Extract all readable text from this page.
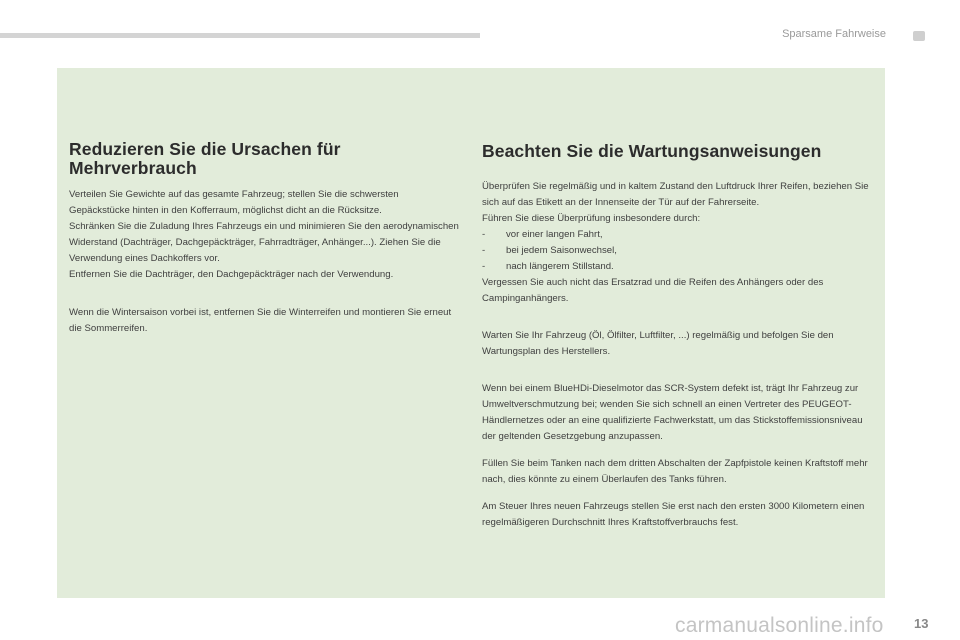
Sparsame Fahrweise
Reduzieren Sie die Ursachen für Mehrverbrauch

Verteilen Sie Gewichte auf das gesamte Fahrzeug; stellen Sie die schwersten Gepäckstücke hinten in den Kofferraum, möglichst dicht an die Rücksitze.

Schränken Sie die Zuladung Ihres Fahrzeugs ein und minimieren Sie den aerodynamischen Widerstand (Dachträger, Dachgepäckträger, Fahrradträger, Anhänger...). Ziehen Sie die Verwendung eines Dachkoffers vor.

Entfernen Sie die Dachträger, den Dachgepäckträger nach der Verwendung.

Wenn die Wintersaison vorbei ist, entfernen Sie die Winterreifen und montieren Sie erneut die Sommerreifen.

Beachten Sie die Wartungsanweisungen

Überprüfen Sie regelmäßig und in kaltem Zustand den Luftdruck Ihrer Reifen, beziehen Sie sich auf das Etikett an der Innenseite der Tür auf der Fahrerseite.

Führen Sie diese Überprüfung insbesondere durch:

- vor einer langen Fahrt,
- bei jedem Saisonwechsel,
- nach längerem Stillstand.

Vergessen Sie auch nicht das Ersatzrad und die Reifen des Anhängers oder des Campinganhängers.

Warten Sie Ihr Fahrzeug (Öl, Ölfilter, Luftfilter, ...) regelmäßig und befolgen Sie den Wartungsplan des Herstellers.

Wenn bei einem BlueHDi-Dieselmotor das SCR-System defekt ist, trägt Ihr Fahrzeug zur Umweltverschmutzung bei; wenden Sie sich schnell an einen Vertreter des PEUGEOT-Händlernetzes oder an eine qualifizierte Fachwerkstatt, um das Stickstoffemissionsniveau der geltenden Gesetzgebung anzupassen.

Füllen Sie beim Tanken nach dem dritten Abschalten der Zapfpistole keinen Kraftstoff mehr nach, dies könnte zu einem Überlaufen des Tanks führen.

Am Steuer Ihres neuen Fahrzeugs stellen Sie erst nach den ersten 3000 Kilometern einen regelmäßigeren Durchschnitt Ihres Kraftstoffverbrauchs fest.

carmanualsonline.info 13
